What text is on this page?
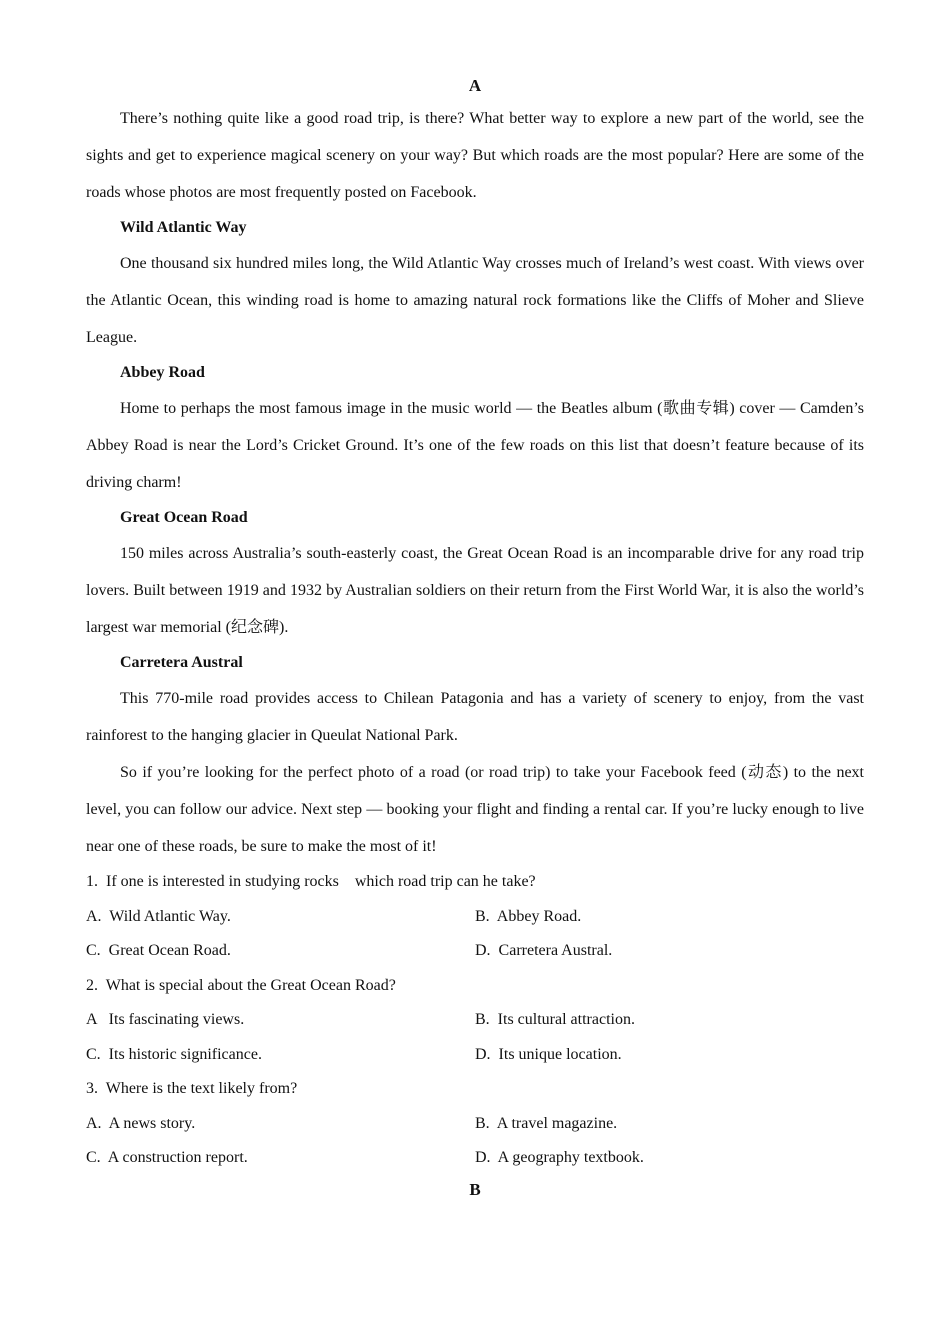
A

There’s nothing quite like a good road trip, is there? What better way to explore a new part of the world, see the sights and get to experience magical scenery on your way? But which roads are the most popular? Here are some of the roads whose photos are most frequently posted on Facebook.

Wild Atlantic Way

One thousand six hundred miles long, the Wild Atlantic Way crosses much of Ireland’s west coast. With views over the Atlantic Ocean, this winding road is home to amazing natural rock formations like the Cliffs of Moher and Slieve League.

Abbey Road

Home to perhaps the most famous image in the music world — the Beatles album (歌曲专辑) cover — Camden’s Abbey Road is near the Lord’s Cricket Ground. It’s one of the few roads on this list that doesn’t feature because of its driving charm!

Great Ocean Road

150 miles across Australia’s south-easterly coast, the Great Ocean Road is an incomparable drive for any road trip lovers. Built between 1919 and 1932 by Australian soldiers on their return from the First World War, it is also the world’s largest war memorial (纪念碑).

Carretera Austral

This 770-mile road provides access to Chilean Patagonia and has a variety of scenery to enjoy, from the vast rainforest to the hanging glacier in Queulat National Park.

So if you’re looking for the perfect photo of a road (or road trip) to take your Facebook feed (动态) to the next level, you can follow our advice. Next step — booking your flight and finding a rental car. If you’re lucky enough to live near one of these roads, be sure to make the most of it!

1.  If one is interested in studying rocks    which road trip can he take?

A.  Wild Atlantic Way.	B.  Abbey Road.
C.  Great Ocean Road.	D.  Carretera Austral.

2.  What is special about the Great Ocean Road?

A   Its fascinating views.	B.  Its cultural attraction.
C.  Its historic significance.	D.  Its unique location.

3.  Where is the text likely from?

A.  A news story.	B.  A travel magazine.
C.  A construction report.	D.  A geography textbook.
B
